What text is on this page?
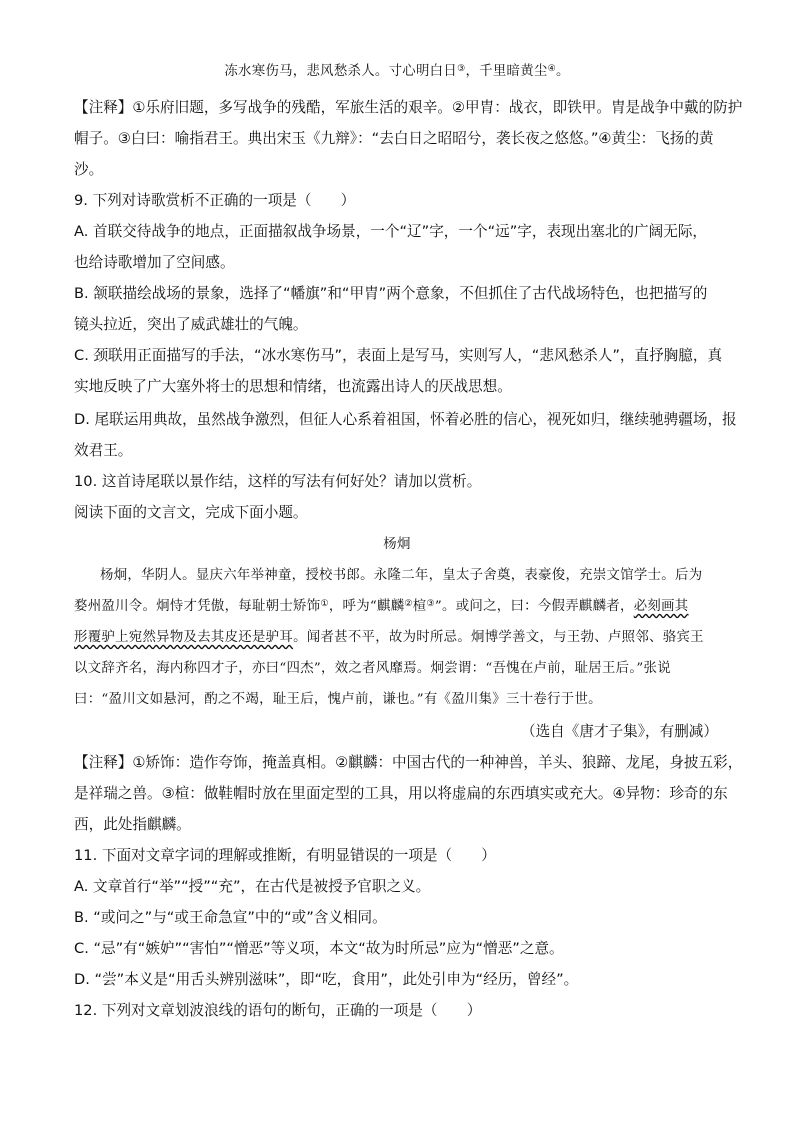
冻水寒伤马，悲风愁杀人。寸心明白日③，千里暗黄尘④。
【注释】①乐府旧题，多写战争的残酷，军旅生活的艰辛。②甲胄：战衣，即铁甲。胄是战争中戴的防护
帽子。③白曰：喻指君王。典出宋玉《九辩》：“去白日之昭昭兮，袭长夜之悠悠。”④黄尘：飞扬的黄
沙。
9. 下列对诗歌赏析不正确的一项是（　　）
A. 首联交待战争的地点，正面描叙战争场景，一个“辽”字，一个“远”字，表现出塞北的广阔无际，
也给诗歌增加了空间感。
B. 颔联描绘战场的景象，选择了“幡旗”和“甲胄”两个意象，不但抓住了古代战场特色，也把描写的
镜头拉近，突出了威武雄壮的气魄。
C. 颈联用正面描写的手法，“冰水寒伤马”，表面上是写马，实则写人，“悲风愁杀人”，直抒胸臆，真
实地反映了广大塞外将士的思想和情绪，也流露出诗人的厌战思想。
D. 尾联运用典故，虽然战争激烈，但征人心系着祖国，怀着必胜的信心，视死如归，继续驰骋疆场，报
效君王。
10. 这首诗尾联以景作结，这样的写法有何好处？请加以赏析。
阅读下面的文言文，完成下面小题。
杨炯
杨炯，华阴人。显庆六年举神童，授校书郎。永隆二年，皇太子舍奠，表豪俊，充崇文馆学士。后为
婺州盈川令。炯恃才凭傲，每耻朝士矫饰①，呼为“麒麟②楦③”。或问之，曰：今假弄麒麟者，必刻画其
形覆驴上宛然异物及去其皮还是驴耳。闻者甚不平，故为时所忌。炯博学善文，与王勃、卢照邻、骆宾王
以文辞齐名，海内称四才子，亦曰“四杰”，效之者风靡焉。炯尝谓：“吾愧在卢前，耻居王后。”张说
曰：“盈川文如悬河，酌之不竭，耻王后，愧卢前，谦也。”有《盈川集》三十卷行于世。
（选自《唐才子集》，有删减）
【注释】①矫饰：造作夸饰，掩盖真相。②麒麟：中国古代的一种神兽，羊头、狼蹄、龙尾，身披五彩，
是祥瑞之兽。③楦：做鞋帽时放在里面定型的工具，用以将虚扁的东西填实或充大。④异物：珍奇的东
西，此处指麒麟。
11. 下面对文章字词的理解或推断，有明显错误的一项是（　　）
A. 文章首行“举”“授”“充”，在古代是被授予官职之义。
B. “或问之”与“或王命急宣”中的“或”含义相同。
C. “忌”有“嫉妒”“害怕”“憎恶”等义项，本文“故为时所忌”应为“憎恶”之意。
D. “尝”本义是“用舌头辨别滋味”，即“吃，食用”，此处引申为“经历，曾经”。
12. 下列对文章划波浪线的语句的断句，正确的一项是（　　）
